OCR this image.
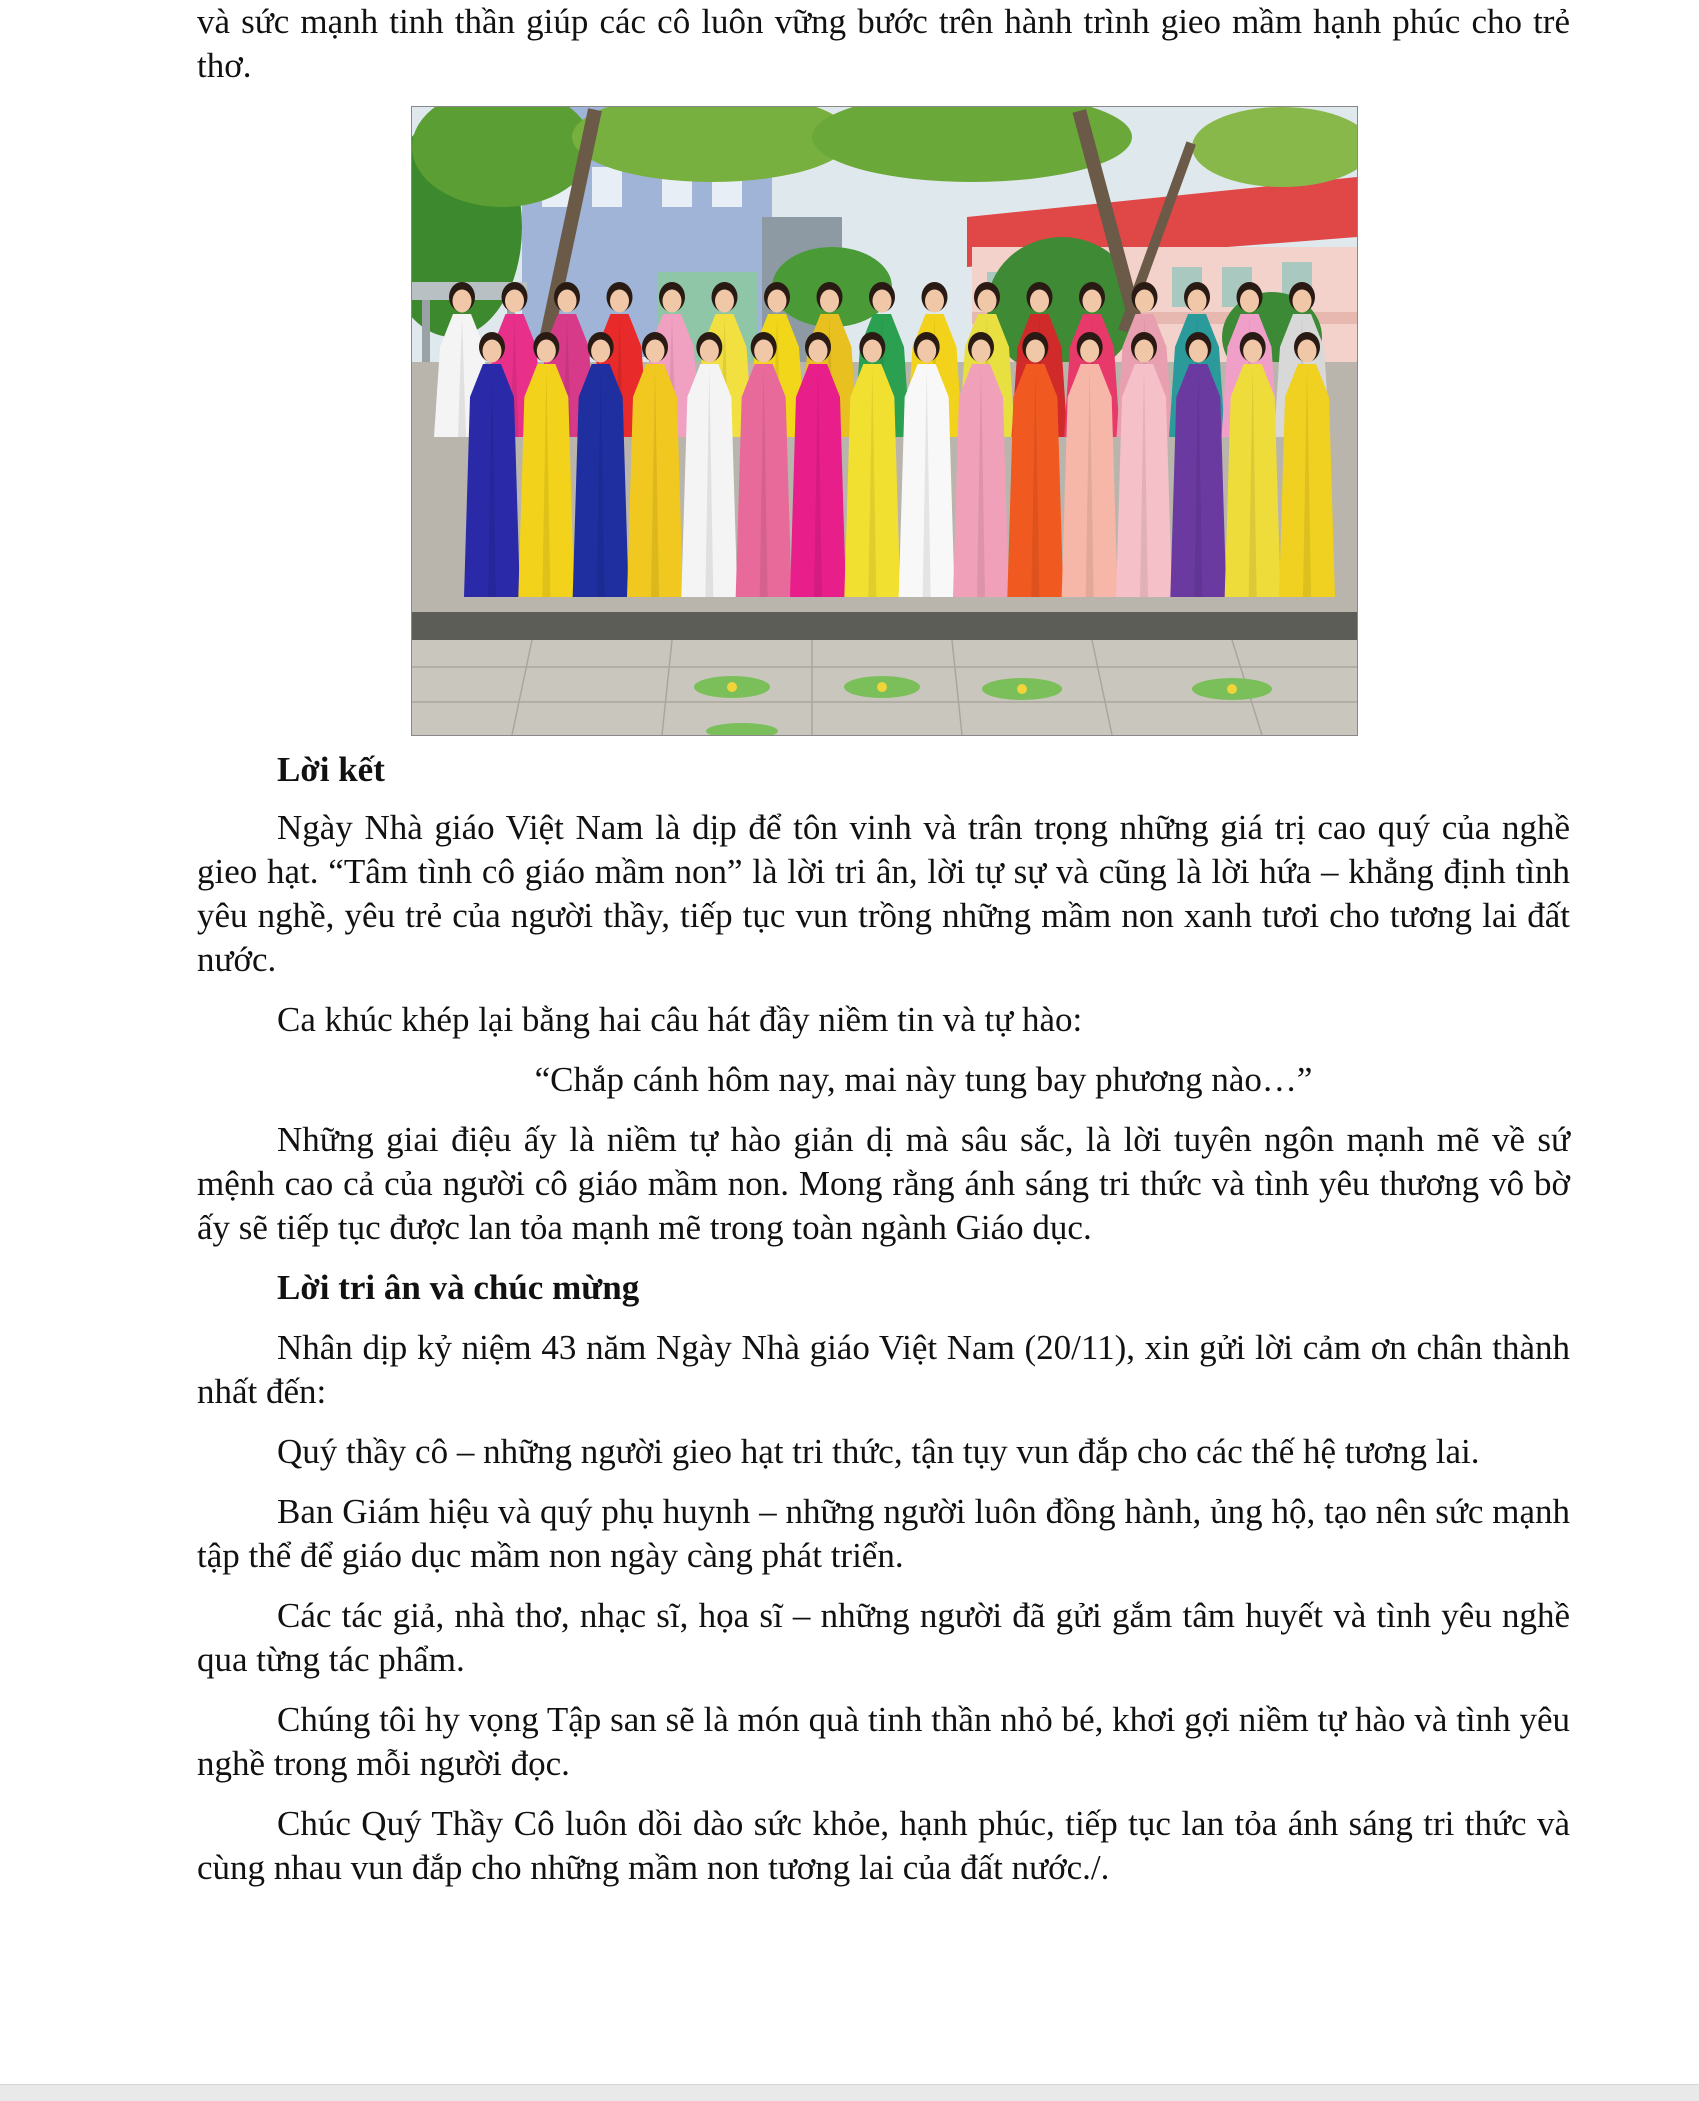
và sức mạnh tinh thần giúp các cô luôn vững bước trên hành trình gieo mầm hạnh phúc cho trẻ thơ.

Lời kết

Ngày Nhà giáo Việt Nam là dịp để tôn vinh và trân trọng những giá trị cao quý của nghề gieo hạt. “Tâm tình cô giáo mầm non” là lời tri ân, lời tự sự và cũng là lời hứa – khẳng định tình yêu nghề, yêu trẻ của người thầy, tiếp tục vun trồng những mầm non xanh tươi cho tương lai đất nước.

Ca khúc khép lại bằng hai câu hát đầy niềm tin và tự hào:

“Chắp cánh hôm nay, mai này tung bay phương nào…”

Những giai điệu ấy là niềm tự hào giản dị mà sâu sắc, là lời tuyên ngôn mạnh mẽ về sứ mệnh cao cả của người cô giáo mầm non. Mong rằng ánh sáng tri thức và tình yêu thương vô bờ ấy sẽ tiếp tục được lan tỏa mạnh mẽ trong toàn ngành Giáo dục.

Lời tri ân và chúc mừng

Nhân dịp kỷ niệm 43 năm Ngày Nhà giáo Việt Nam (20/11), xin gửi lời cảm ơn chân thành nhất đến:

Quý thầy cô – những người gieo hạt tri thức, tận tụy vun đắp cho các thế hệ tương lai.

Ban Giám hiệu và quý phụ huynh – những người luôn đồng hành, ủng hộ, tạo nên sức mạnh tập thể để giáo dục mầm non ngày càng phát triển.

Các tác giả, nhà thơ, nhạc sĩ, họa sĩ – những người đã gửi gắm tâm huyết và tình yêu nghề qua từng tác phẩm.

Chúng tôi hy vọng Tập san sẽ là món quà tinh thần nhỏ bé, khơi gợi niềm tự hào và tình yêu nghề trong mỗi người đọc.

Chúc Quý Thầy Cô luôn dồi dào sức khỏe, hạnh phúc, tiếp tục lan tỏa ánh sáng tri thức và cùng nhau vun đắp cho những mầm non tương lai của đất nước./.
